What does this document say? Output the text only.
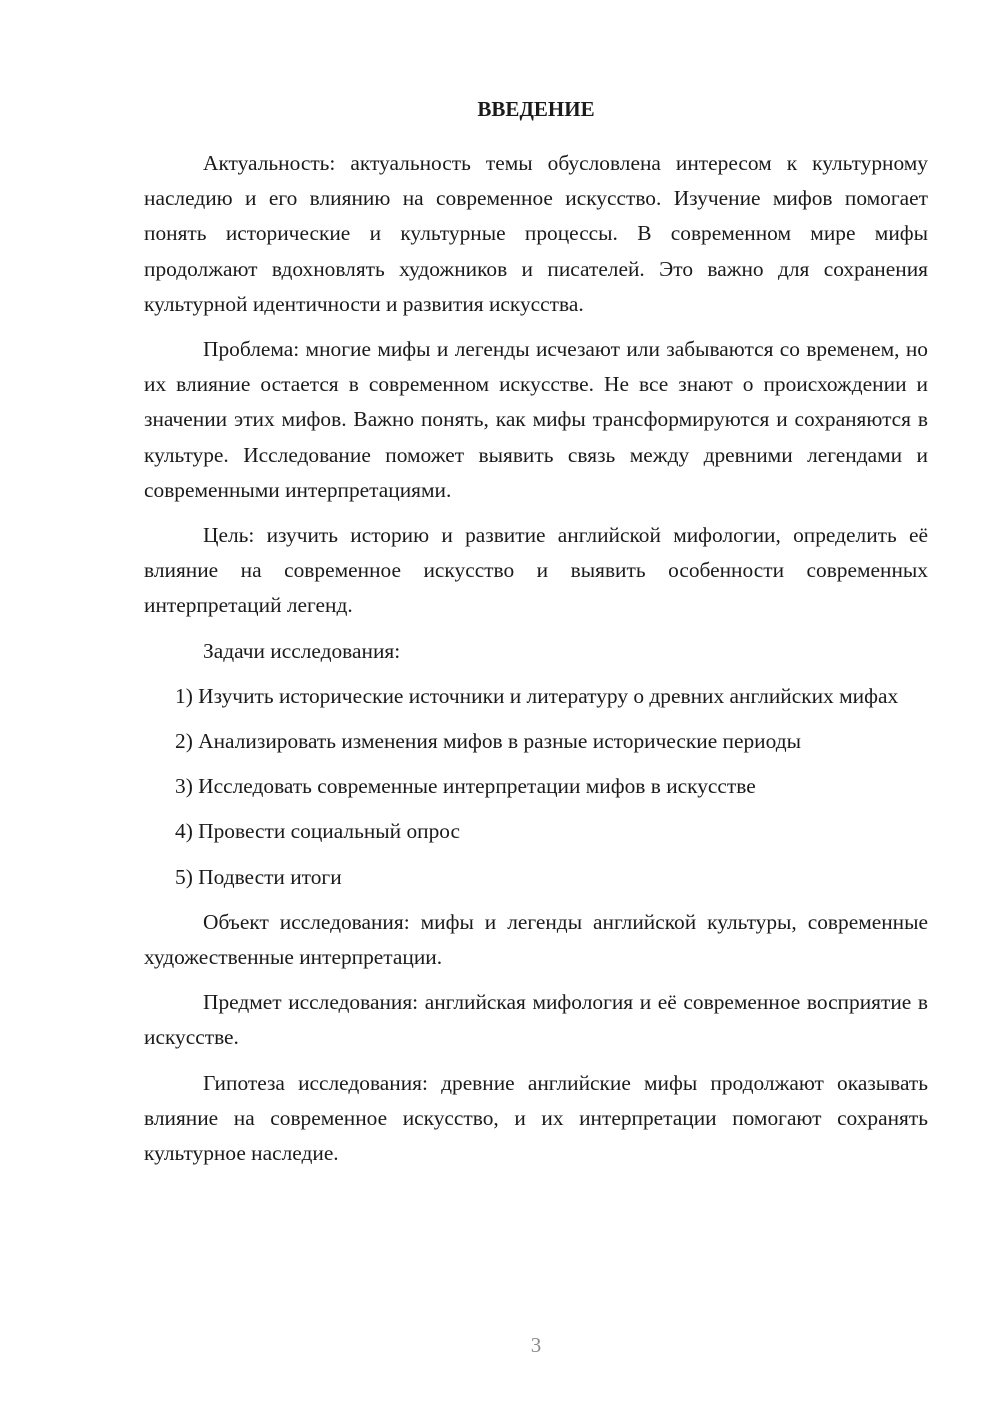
ВВЕДЕНИЕ

Актуальность: актуальность темы обусловлена интересом к культурному наследию и его влиянию на современное искусство. Изучение мифов помогает понять исторические и культурные процессы. В современном мире мифы продолжают вдохновлять художников и писателей. Это важно для сохранения культурной идентичности и развития искусства.

Проблема: многие мифы и легенды исчезают или забываются со временем, но их влияние остается в современном искусстве. Не все знают о происхождении и значении этих мифов. Важно понять, как мифы трансформируются и сохраняются в культуре. Исследование поможет выявить связь между древними легендами и современными интерпретациями.

Цель: изучить историю и развитие английской мифологии, определить её влияние на современное искусство и выявить особенности современных интерпретаций легенд.

Задачи исследования:

1) Изучить исторические источники и литературу о древних английских мифах
2) Анализировать изменения мифов в разные исторические периоды
3) Исследовать современные интерпретации мифов в искусстве
4) Провести социальный опрос
5) Подвести итоги

Объект исследования: мифы и легенды английской культуры, современные художественные интерпретации.

Предмет исследования: английская мифология и её современное восприятие в искусстве.

Гипотеза исследования: древние английские мифы продолжают оказывать влияние на современное искусство, и их интерпретации помогают сохранять культурное наследие.

3
